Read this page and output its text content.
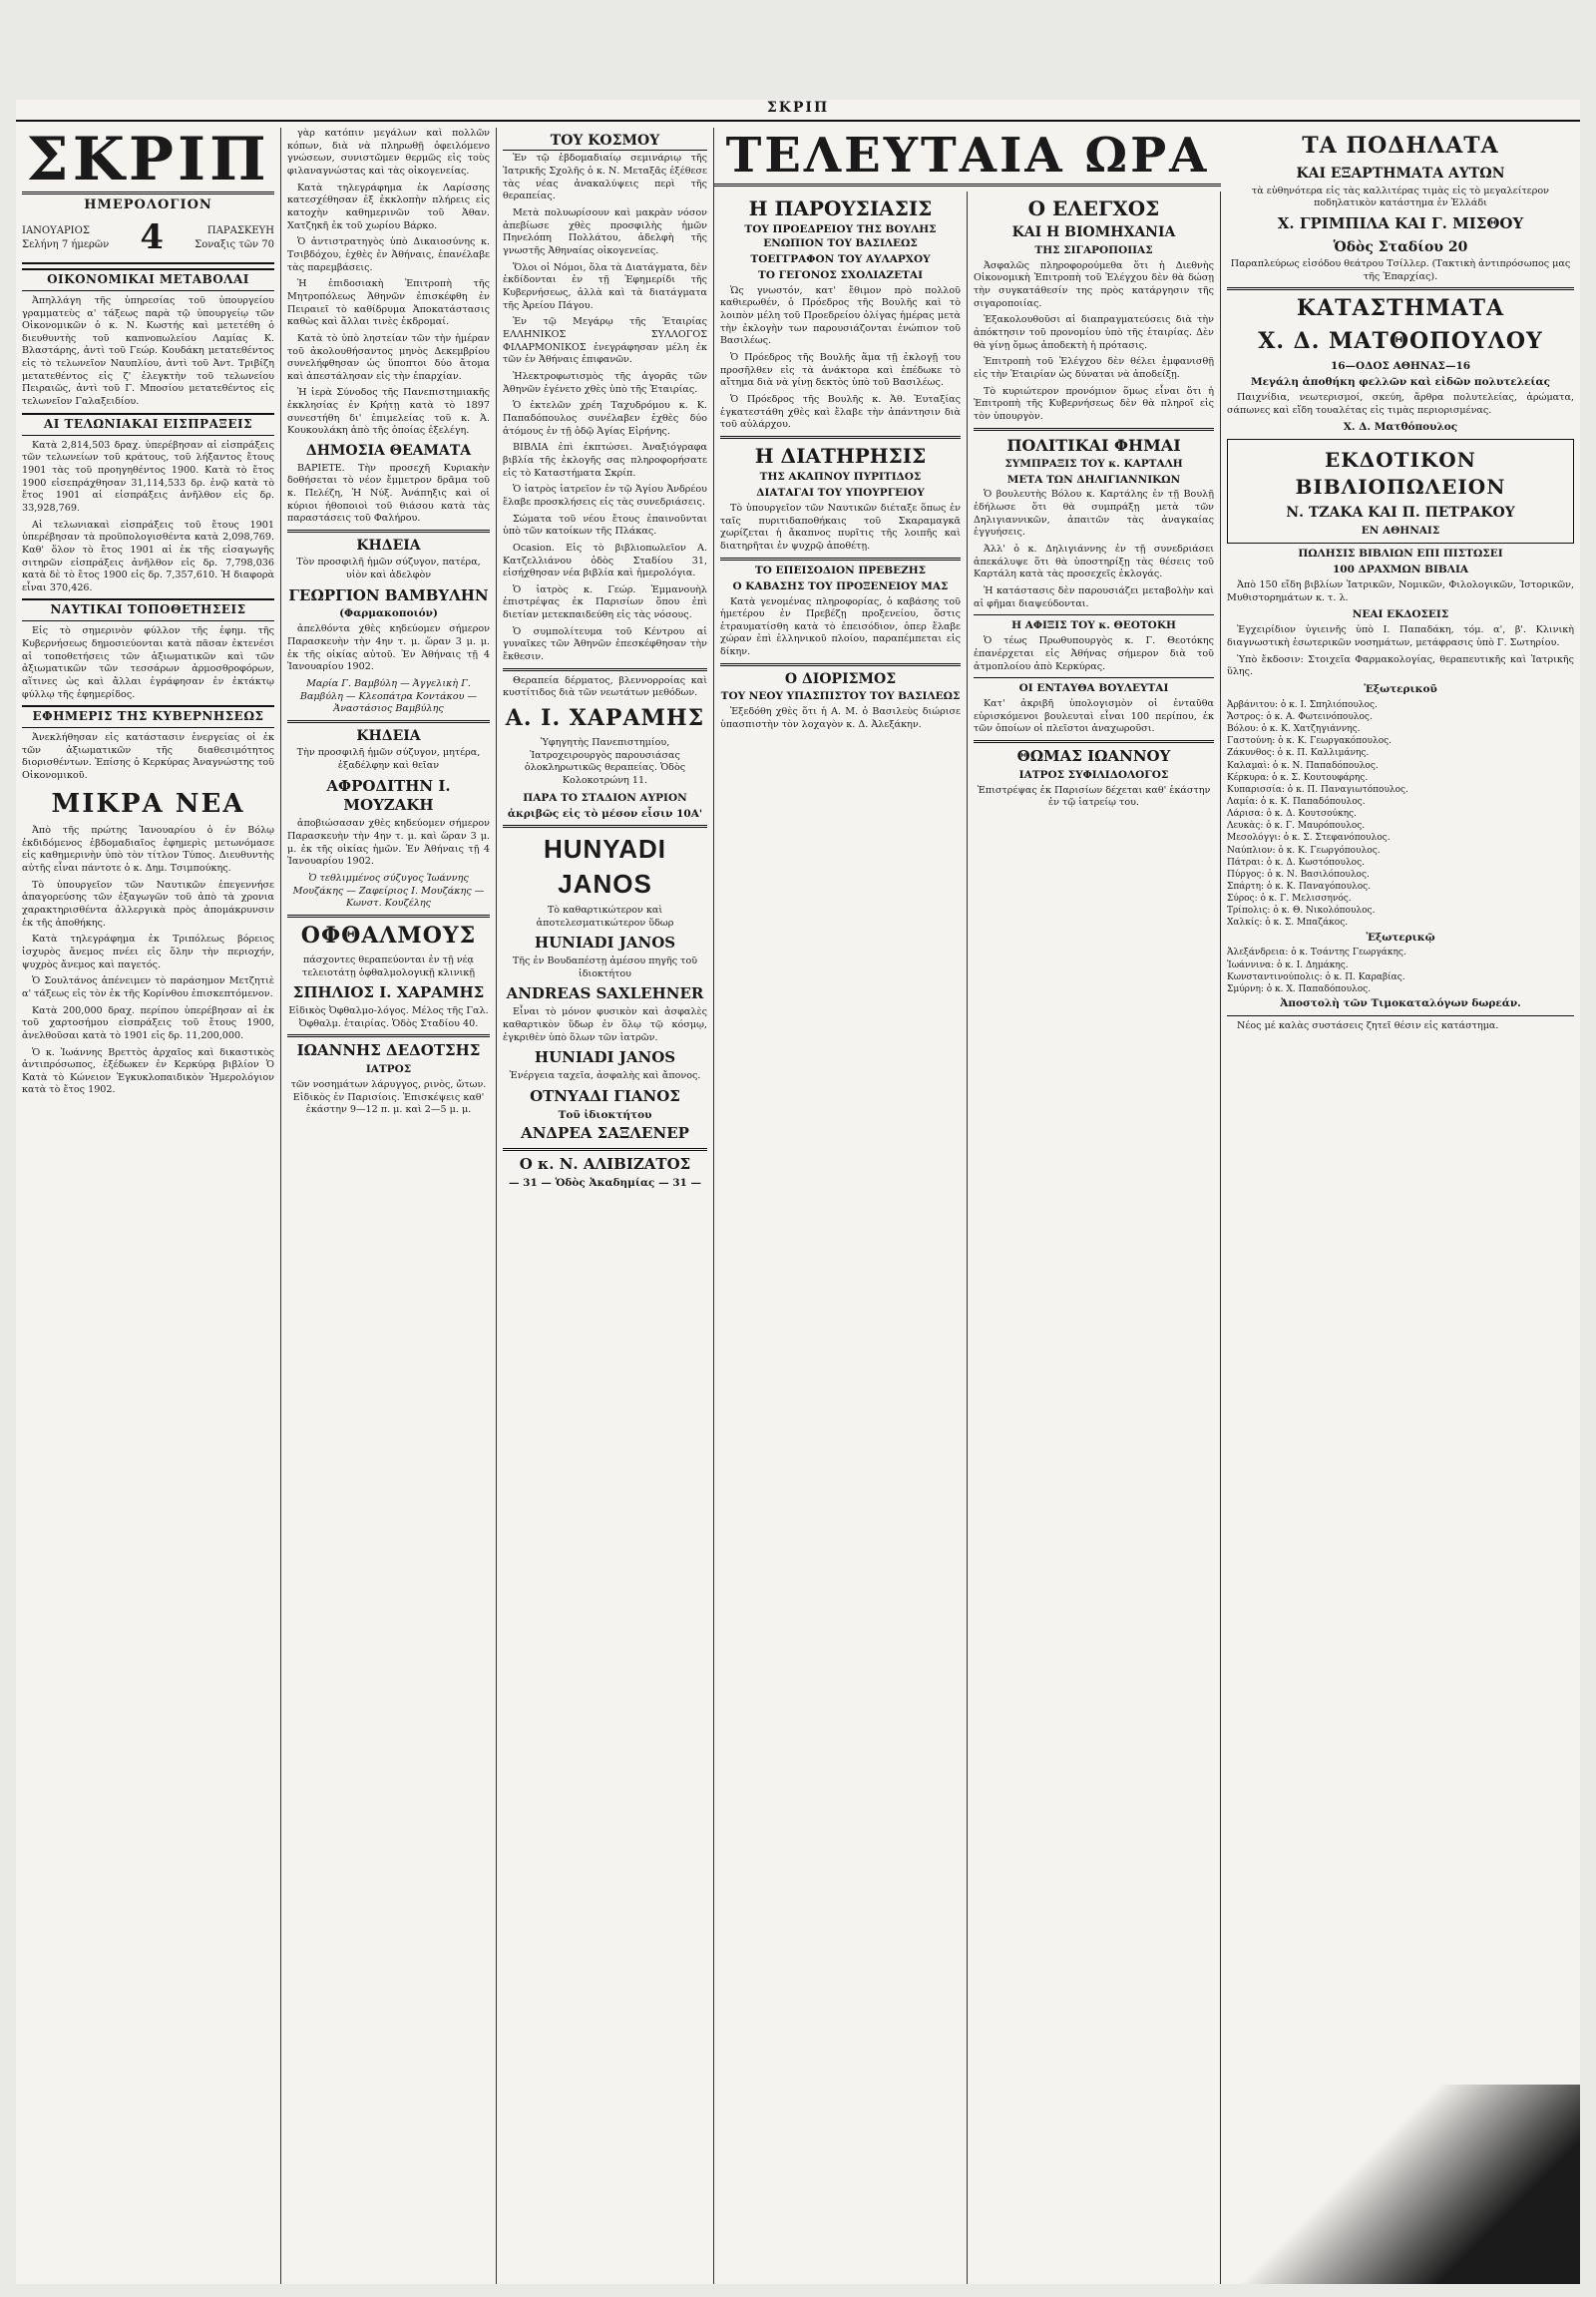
ΣΚΡΙΠ
ΣΚΡΙΠ
ΗΜΕΡΟΛΟΓΙΟΝ
ΙΑΝΟΥΑΡΙΟΣ
Σελήνη 7 ήμερῶν 4	ΠΑΡΑΣΚΕΥΗ
Σοναξις τῶν 70
ΟΙΚΟΝΟΜΙΚΑΙ ΜΕΤΑΒΟΛΑΙ

Ἀπηλλάγη τῆς ὑπηρεσίας τοῦ ὑπουργείου γραμματεὺς α' τάξεως παρὰ τῷ ὑπουργείῳ τῶν Οἰκονομικῶν ὁ κ. Ν. Κωστής καὶ μετετέθη ὁ διευθυντὴς τοῦ καπνοπωλείου Λαμίας Κ. Βλαστάρης, ἀντὶ τοῦ Γεώρ. Κουδάκη μετατεθέντος εἰς τὸ τελωνεῖον Ναυπλίου, ἀντὶ τοῦ Ἀντ. Τριβίζη μετατεθέντος εἰς ζ' ἐλεγκτὴν τοῦ τελωνείου Πειραιῶς, ἀντὶ τοῦ Γ. Μποσίου μετατεθέντος εἰς τελωνεῖον Γαλαξειδίου.

ΑΙ ΤΕΛΩΝΙΑΚΑΙ ΕΙΣΠΡΑΞΕΙΣ

Κατὰ 2,814,503 δραχ. ὑπερέβησαν αἱ εἰσπράξεις τῶν τελωνείων τοῦ κράτους, τοῦ λήξαντος ἔτους 1901 τὰς τοῦ προηγηθέντος 1900. Κατὰ τὸ ἔτος 1900 εἰσεπράχθησαν 31,114,533 δρ. ἐνῷ κατὰ τὸ ἔτος 1901 αἱ εἰσπράξεις ἀνῆλθον εἰς δρ. 33,928,769.

Αἱ τελωνιακαὶ εἰσπράξεις τοῦ ἔτους 1901 ὑπερέβησαν τὰ προϋπολογισθέντα κατὰ 2,098,769. Καθ' ὅλον τὸ ἔτος 1901 αἱ ἐκ τῆς εἰσαγωγῆς σιτηρῶν εἰσπράξεις ἀνῆλθον εἰς δρ. 7,798,036 κατὰ δὲ τὸ ἔτος 1900 εἰς δρ. 7,357,610. Ἡ διαφορὰ εἶναι 370,426.

ΝΑΥΤΙΚΑΙ ΤΟΠΟΘΕΤΗΣΕΙΣ

Εἰς τὸ σημερινὸν φύλλον τῆς ἐφημ. τῆς Κυβερνήσεως δημοσιεύονται κατὰ πᾶσαν ἐκτενέσι αἱ τοποθετήσεις τῶν ἀξιωματικῶν καὶ τῶν ἀξιωματικῶν τῶν τεσσάρων ἀρμοσθροφόρων, αἵτινες ὡς καὶ ἄλλαι ἐγράφησαν ἐν ἐκτάκτῳ φύλλῳ τῆς ἐφημερίδος.

ΕΦΗΜΕΡΙΣ ΤΗΣ ΚΥΒΕΡΝΗΣΕΩΣ

Ἀνεκλήθησαν εἰς κατάστασιν ἐνεργείας οἱ ἐκ τῶν ἀξιωματικῶν τῆς διαθεσιμότητος διορισθέντων. Ἐπίσης ὁ Κερκύρας Ἀναγνώστης τοῦ Οἰκονομικοῦ.

ΜΙΚΡΑ ΝΕΑ

Ἀπὸ τῆς πρώτης Ἰανουαρίου ὁ ἐν Βόλῳ ἐκδιδόμενος ἐβδομαδιαῖος ἐφημερὶς μετωνόμασε εἰς καθημερινὴν ὑπὸ τὸν τίτλον Τύπος. Διευθυντὴς αὐτῆς εἶναι πάντοτε ὁ κ. Δημ. Τσιμπούκης.

Τὸ ὑπουργεῖον τῶν Ναυτικῶν ἐπεγεννήσε ἀπαγορεύσης τῶν ἐξαγωγῶν τοῦ ἀπὸ τὰ χρονια χαρακτηρισθέντα ἀλλεργικὰ πρὸς ἀπομάκρυνσιν ἐκ τῆς ἀποθήκης.

Κατὰ τηλεγράφημα ἐκ Τριπόλεως βόρειος ἰσχυρὸς ἄνεμος πνέει εἰς ὅλην τὴν περιοχήν, ψυχρὸς ἄνεμος καὶ παγετός.

Ὁ Σουλτάνος ἀπένειμεν τὸ παράσημον Μετζητιὲ α' τάξεως εἰς τὸν ἐκ τῆς Κορίνθου ἐπισκεπτόμενον.

Κατὰ 200,000 δραχ. περίπου ὑπερέβησαν αἱ ἐκ τοῦ χαρτοσήμου εἰσπράξεις τοῦ ἔτους 1900, ἀνελθοῦσαι κατὰ τὸ 1901 εἰς δρ. 11,200,000.

Ὁ κ. Ἰωάννης Βρεττὸς ἀρχαῖος καὶ δικαστικὸς ἀντιπρόσωπος, ἐξέδωκεν ἐν Κερκύρᾳ βιβλίον Ὁ Κατὰ τὸ Κώνειον Ἐγκυκλοπαιδικὸν Ἡμερολόγιον κατὰ τὸ ἔτος 1902.

γὰρ κατόπιν μεγάλων καὶ πολλῶν κόπων, διὰ νὰ πληρωθῇ ὀφειλόμενο γνώσεων, συνιστῶμεν θερμῶς εἰς τοὺς φιλαναγνώστας καὶ τὰς οἰκογενείας.

Κατὰ τηλεγράφημα ἐκ Λαρίσσης κατεσχέθησαν ἐξ ἐκκλοπὴν πλήρεις εἰς κατοχὴν καθημερινῶν τοῦ Ἀθαν. Χατζηκῆ ἐκ τοῦ χωρίου Βάρκο.

Ὁ ἀντιστρατηγὸς ὑπὸ Δικαιοσύνης κ. Τσιβδόχου, ἐχθὲς ἐν Ἀθήναις, ἐπανέλαβε τὰς παρεμβάσεις.

Ἡ ἐπιδοσιακὴ Ἐπιτροπὴ τῆς Μητροπόλεως Ἀθηνῶν ἐπισκέφθη ἐν Πειραιεῖ τὸ καθίδρυμα Ἀποκατάστασις καθὼς καὶ ἄλλαι τινὲς ἐκδρομαί.

Κατὰ τὸ ὑπὸ ληστείαν τῶν τὴν ἡμέραν τοῦ ἀκολουθήσαντος μηνὸς Δεκεμβρίου συνελήφθησαν ὡς ὕποπτοι δύο ἄτομα καὶ ἀπεστάλησαν εἰς τὴν ἐπαρχίαν.

Ἡ ἱερὰ Σύνοδος τῆς Πανεπιστημιακῆς ἐκκλησίας ἐν Κρήτῃ κατὰ τὸ 1897 συνεστήθη δι' ἐπιμελείας τοῦ κ. Ἀ. Κουκουλάκη ἀπὸ τῆς ὁποίας ἐξελέγη.

ΔΗΜΟΣΙΑ ΘΕΑΜΑΤΑ

ΒΑΡΙΕΤΕ. Τὴν προσεχῆ Κυριακὴν δοθήσεται τὸ νέον ἔμμετρον δρᾶμα τοῦ κ. Πελέζη, Ἡ Νύξ. Ἀνάπηξις καὶ οἱ κύριοι ἠθοποιοὶ τοῦ θιάσου κατὰ τὰς παραστάσεις τοῦ Φαλήρου.

ΚΗΔΕΙΑ

Τὸν προσφιλῆ ἡμῶν σύζυγον, πατέρα, υἱὸν καὶ ἀδελφὸν

ΓΕΩΡΓΙΟΝ ΒΑΜΒΥΛΗΝ
(Φαρμακοποιόν)

ἀπελθόντα χθὲς κηδεύομεν σήμερον Παρασκευὴν τὴν 4ην τ. μ. ὥραν 3 μ. μ. ἐκ τῆς οἰκίας αὐτοῦ. Ἐν Ἀθήναις τῇ 4 Ἰανουαρίου 1902.

Μαρία Γ. Βαμβύλη — Ἀγγελικὴ Γ. Βαμβύλη — Κλεοπάτρα Κοντάκου — Ἀναστάσιος Βαμβύλης

ΚΗΔΕΙΑ

Τὴν προσφιλῆ ἡμῶν σύζυγον, μητέρα, ἐξαδέλφην καὶ θεῖαν

ΑΦΡΟΔΙΤΗΝ Ι. ΜΟΥΖΑΚΗ

ἀποβιώσασαν χθὲς κηδεύομεν σήμερον Παρασκευὴν τὴν 4ην τ. μ. καὶ ὥραν 3 μ. μ. ἐκ τῆς οἰκίας ἡμῶν. Ἐν Ἀθήναις τῇ 4 Ἰανουαρίου 1902.

Ὁ τεθλιμμένος σύζυγος Ἰωάννης Μουζάκης — Ζαφείριος Ι. Μουζάκης — Κωνστ. Κουζέλης

ΟΦΘΑΛΜΟΥΣ

πάσχοντες θεραπεύονται ἐν τῇ νέᾳ τελειοτάτῃ ὀφθαλμολογικῇ κλινικῇ

ΣΠΗΛΙΟΣ Ι. ΧΑΡΑΜΗΣ

Εἰδικὸς Ὀφθαλμο-λόγος. Μέλος τῆς Γαλ. Ὀφθαλμ. ἑταιρίας. Ὁδὸς Σταδίου 40.

ΙΩΑΝΝΗΣ ΔΕΔΟΤΣΗΣ
ΙΑΤΡΟΣ

τῶν νοσημάτων λάρυγγος, ρινὸς, ὤτων. Εἰδικὸς ἐν Παρισίοις. Ἐπισκέψεις καθ' ἑκάστην 9—12 π. μ. καὶ 2—5 μ. μ.

ΤΟΥ ΚΟΣΜΟΥ

Ἐν τῷ ἑβδομαδιαίῳ σεμινάριῳ τῆς Ἰατρικῆς Σχολῆς ὁ κ. Ν. Μεταξᾶς ἐξέθεσε τὰς νέας ἀνακαλύψεις περὶ τῆς θεραπείας.

Μετὰ πολυωρίσουν καὶ μακρὰν νόσον ἀπεβίωσε χθὲς προσφιλὴς ἡμῶν Πηνελόπη Πολλάτου, ἀδελφὴ τῆς γνωστῆς Ἀθηναίας οἰκογενείας.

Ὅλοι οἱ Νόμοι, ὅλα τὰ Διατάγματα, δὲν ἐκδίδονται ἐν τῇ Ἐφημερίδι τῆς Κυβερνήσεως, ἀλλὰ καὶ τὰ διατάγματα τῆς Ἀρείου Πάγου.

Ἐν τῷ Μεγάρῳ τῆς Ἑταιρίας ΕΛΛΗΝΙΚΟΣ ΣΥΛΛΟΓΟΣ ΦΙΛΑΡΜΟΝΙΚΟΣ ἐνεγράφησαν μέλη ἐκ τῶν ἐν Ἀθήναις ἐπιφανῶν.

Ἠλεκτροφωτισμὸς τῆς ἀγορᾶς τῶν Ἀθηνῶν ἐγένετο χθὲς ὑπὸ τῆς Ἑταιρίας.

Ὁ ἐκτελῶν χρέη Ταχυδρόμου κ. Κ. Παπαδόπουλος συνέλαβεν ἐχθὲς δύο ἀτόμους ἐν τῇ ὁδῷ Ἁγίας Εἰρήνης.

ΒΙΒΛΙΑ ἐπὶ ἐκπτώσει. Ἀναξιόγραφα βιβλία τῆς ἐκλογῆς σας πληροφορήσατε εἰς τὸ Καταστήματα Σκρίπ.

Ὁ ἰατρὸς ἰατρεῖον ἐν τῷ Ἁγίου Ἀνδρέου ἔλαβε προσκλήσεις εἰς τὰς συνεδριάσεις.

Σώματα τοῦ νέου ἔτους ἐπαινοῦνται ὑπὸ τῶν κατοίκων τῆς Πλάκας.

Ocasion. Εἰς τὸ βιβλιοπωλεῖον Α. Κατζελλιάνου ὁδὸς Σταδίου 31, εἰσήχθησαν νέα βιβλία καὶ ἡμερολόγια.

Ὁ ἰατρὸς κ. Γεώρ. Ἐμμανουὴλ ἐπιστρέψας ἐκ Παρισίων ὅπου ἐπὶ διετίαν μετεκπαιδεύθη εἰς τὰς νόσους.

Ὁ συμπολίτευμα τοῦ Κέντρου αἱ γυναῖκες τῶν Ἀθηνῶν ἐπεσκέφθησαν τὴν ἔκθεσιν.

Θεραπεία δέρματος, βλεννορροίας καὶ κυστίτιδος διὰ τῶν νεωτάτων μεθόδων.

Α. Ι. ΧΑΡΑΜΗΣ

Ὑφηγητὴς Πανεπιστημίου, Ἰατροχειρουργὸς παρουσιάσας ὁλοκληρωτικῶς θεραπείας. Ὁδὸς Κολοκοτρώνη 11.

ΠΑΡΑ ΤΟ ΣΤΑΔΙΟΝ ΑΥΡΙΟΝ
ἀκριβῶς εἰς τὸ μέσον εἶσιν 10Α'
HUNYADI JANOS

Τὸ καθαρτικώτερον καὶ ἀποτελεσματικώτερον ὕδωρ

HUNIADI JANOS

Τῆς ἐν Βουδαπέστῃ ἀμέσου πηγῆς τοῦ ἰδιοκτήτου

ANDREAS SAXLEHNER

Εἶναι τὸ μόνον φυσικὸν καὶ ἀσφαλὲς καθαρτικὸν ὕδωρ ἐν ὅλῳ τῷ κόσμῳ, ἐγκριθὲν ὑπὸ ὅλων τῶν ἰατρῶν.

HUNIADI JANOS

Ἐνέργεια ταχεῖα, ἀσφαλὴς καὶ ἄπονος.

ΟΤΝΥΑΔΙ ΓΙΑΝΟΣ
Τοῦ ἰδιοκτήτου
ΑΝΔΡΕΑ ΣΑΞΛΕΝΕΡ
Ο κ. Ν. ΑΛΙΒΙΖΑΤΟΣ
— 31 — Ὁδὸς Ἀκαδημίας — 31 —
ΤΕΛΕΥΤΑΙΑ ΩΡΑ
Η ΠΑΡΟΥΣΙΑΣΙΣ
ΤΟΥ ΠΡΟΕΔΡΕΙΟΥ ΤΗΣ ΒΟΥΛΗΣ ΕΝΩΠΙΟΝ ΤΟΥ ΒΑΣΙΛΕΩΣ
ΤΟΕΓΓΡΑΦΟΝ ΤΟΥ ΑΥΛΑΡΧΟΥ
ΤΟ ΓΕΓΟΝΟΣ ΣΧΟΛΙΑΖΕΤΑΙ

Ὡς γνωστόν, κατ' ἔθιμον πρὸ πολλοῦ καθιερωθέν, ὁ Πρόεδρος τῆς Βουλῆς καὶ τὸ λοιπὸν μέλη τοῦ Προεδρείου ὀλίγας ἡμέρας μετὰ τὴν ἐκλογὴν των παρουσιάζονται ἐνώπιον τοῦ Βασιλέως.

Ὁ Πρόεδρος τῆς Βουλῆς ἅμα τῇ ἐκλογῇ του προσῆλθεν εἰς τὰ ἀνάκτορα καὶ ἐπέδωκε τὸ αἴτημα διὰ νὰ γίνῃ δεκτὸς ὑπὸ τοῦ Βασιλέως.

Ὁ Πρόεδρος τῆς Βουλῆς κ. Ἀθ. Ἐυταξίας ἐγκατεστάθη χθὲς καὶ ἔλαβε τὴν ἀπάντησιν διὰ τοῦ αὐλάρχου.

Η ΔΙΑΤΗΡΗΣΙΣ
ΤΗΣ ΑΚΑΠΝΟΥ ΠΥΡΙΤΙΔΟΣ
ΔΙΑΤΑΓΑΙ ΤΟΥ ΥΠΟΥΡΓΕΙΟΥ

Τὸ ὑπουργεῖον τῶν Ναυτικῶν διέταξε ὅπως ἐν ταῖς πυριτιδαποθήκαις τοῦ Σκαραμαγκᾶ χωρίζεται ἡ ἄκαπνος πυρῖτις τῆς λοιπῆς καὶ διατηρῆται ἐν ψυχρῷ ἀποθέτῃ.

ΤΟ ΕΠΕΙΣΟΔΙΟΝ ΠΡΕΒΕΖΗΣ
Ο ΚΑΒΑΣΗΣ ΤΟΥ ΠΡΟΞΕΝΕΙΟΥ ΜΑΣ

Κατὰ γενομένας πληροφορίας, ὁ καβάσης τοῦ ἡμετέρου ἐν Πρεβέζῃ προξενείου, ὅστις ἐτραυματίσθη κατὰ τὸ ἐπεισόδιον, ὁπερ ἔλαβε χώραν ἐπὶ ἑλληνικοῦ πλοίου, παραπέμπεται εἰς δίκην.

Ο ΔΙΟΡΙΣΜΟΣ
ΤΟΥ ΝΕΟΥ ΥΠΑΣΠΙΣΤΟΥ ΤΟΥ ΒΑΣΙΛΕΩΣ

Ἐξεδόθη χθὲς ὅτι ἡ Α. Μ. ὁ Βασιλεὺς διώρισε ὑπασπιστὴν τὸν λοχαγὸν κ. Δ. Ἀλεξάκην.

Ο ΕΛΕΓΧΟΣ
ΚΑΙ Η ΒΙΟΜΗΧΑΝΙΑ
ΤΗΣ ΣΙΓΑΡΟΠΟΙΙΑΣ

Ἀσφαλῶς πληροφορούμεθα ὅτι ἡ Διεθνὴς Οἰκονομικὴ Ἐπιτροπὴ τοῦ Ἐλέγχου δὲν θὰ δώσῃ τὴν συγκατάθεσίν της πρὸς κατάργησιν τῆς σιγαροποιίας.

Ἐξακολουθοῦσι αἱ διαπραγματεύσεις διὰ τὴν ἀπόκτησιν τοῦ προνομίου ὑπὸ τῆς ἑταιρίας. Δὲν θὰ γίνῃ ὅμως ἀποδεκτὴ ἡ πρότασις.

Ἐπιτροπὴ τοῦ Ἐλέγχου δὲν θέλει ἐμφανισθῇ εἰς τὴν Ἐταιρίαν ὡς δύναται νὰ ἀποδείξῃ.

Τὸ κυριώτερον προνόμιον ὅμως εἶναι ὅτι ἡ Ἐπιτροπὴ τῆς Κυβερνήσεως δὲν θὰ πληροῖ εἰς τὸν ὑπουργὸν.

ΠΟΛΙΤΙΚΑΙ ΦΗΜΑΙ
ΣΥΜΠΡΑΞΙΣ ΤΟΥ κ. ΚΑΡΤΑΛΗ
ΜΕΤΑ ΤΩΝ ΔΗΛΙΓΙΑΝΝΙΚΩΝ

Ὁ βουλευτὴς Βόλου κ. Καρτάλης ἐν τῇ Βουλῇ ἐδήλωσε ὅτι θὰ συμπράξῃ μετὰ τῶν Δηλιγιαννικῶν, ἀπαιτῶν τὰς ἀναγκαίας ἐγγυήσεις.

Ἀλλ' ὁ κ. Δηλιγιάννης ἐν τῇ συνεδριάσει ἀπεκάλυψε ὅτι θὰ ὑποστηρίξῃ τὰς θέσεις τοῦ Καρτάλη κατὰ τὰς προσεχεῖς ἐκλογάς.

Ἡ κατάστασις δὲν παρουσιάζει μεταβολὴν καὶ αἱ φῆμαι διαψεύδονται.

Η ΑΦΙΞΙΣ ΤΟΥ κ. ΘΕΟΤΟΚΗ

Ὁ τέως Πρωθυπουργὸς κ. Γ. Θεοτόκης ἐπανέρχεται εἰς Ἀθήνας σήμερον διὰ τοῦ ἀτμοπλοίου ἀπὸ Κερκύρας.

ΟΙ ΕΝΤΑΥΘΑ ΒΟΥΛΕΥΤΑΙ

Κατ' ἀκριβῆ ὑπολογισμὸν οἱ ἐνταῦθα εὑρισκόμενοι βουλευταὶ εἶναι 100 περίπου, ἐκ τῶν ὁποίων οἱ πλεῖστοι ἀναχωροῦσι.

ΘΩΜΑΣ ΙΩΑΝΝΟΥ
ΙΑΤΡΟΣ ΣΥΦΙΛΙΔΟΛΟΓΟΣ

Ἐπιστρέψας ἐκ Παρισίων δέχεται καθ' ἑκάστην ἐν τῷ ἰατρείῳ του.

ΤΑ ΠΟΔΗΛΑΤΑ
ΚΑΙ ΕΞΑΡΤΗΜΑΤΑ ΑΥΤΩΝ

τὰ εὐθηνότερα εἰς τὰς καλλιτέρας τιμὰς εἰς τὸ μεγαλείτερον ποδηλατικὸν κατάστημα ἐν Ἑλλάδι

Χ. ΓΡΙΜΠΙΛΑ ΚΑΙ Γ. ΜΙΣΘΟΥ
Ὁδὸς Σταδίου 20

Παραπλεύρως εἰσόδου θεάτρου Τσίλλερ. (Τακτικὴ ἀντιπρόσωπος μας τῆς Ἐπαρχίας).

ΚΑΤΑΣΤΗΜΑΤΑ
Χ. Δ. ΜΑΤΘΟΠΟΥΛΟΥ
16—ΟΔΟΣ ΑΘΗΝΑΣ—16
Μεγάλη ἀποθήκη φελλῶν καὶ εἰδῶν πολυτελείας

Παιχνίδια, νεωτερισμοί, σκεύη, ἄρθρα πολυτελείας, ἀρώματα, σάπωνες καὶ εἴδη τουαλέτας εἰς τιμὰς περιορισμένας.

Χ. Δ. Ματθόπουλος
ΕΚΔΟΤΙΚΟΝ ΒΙΒΛΙΟΠΩΛΕΙΟΝ
Ν. ΤΖΑΚΑ ΚΑΙ Π. ΠΕΤΡΑΚΟΥ
ΕΝ ΑΘΗΝΑΙΣ
ΠΩΛΗΣΙΣ ΒΙΒΛΙΩΝ ΕΠΙ ΠΙΣΤΩΣΕΙ
100 ΔΡΑΧΜΩΝ ΒΙΒΛΙΑ

Ἀπὸ 150 εἴδη βιβλίων Ἰατρικῶν, Νομικῶν, Φιλολογικῶν, Ἱστορικῶν, Μυθιστορημάτων κ. τ. λ.

ΝΕΑΙ ΕΚΔΟΣΕΙΣ

Ἐγχειρίδιον ὑγιεινῆς ὑπὸ Ι. Παπαδάκη, τόμ. α', β'. Κλινικὴ διαγνωστικὴ ἐσωτερικῶν νοσημάτων, μετάφρασις ὑπὸ Γ. Σωτηρίου.

Ὑπὸ ἔκδοσιν: Στοιχεῖα Φαρμακολογίας, θεραπευτικῆς καὶ Ἰατρικῆς ὕλης.

Ἐξωτερικοῦ
Ἀρβάνιτου: ὁ κ. Ι. Σπηλιόπουλος.
Ἄστρος: ὁ κ. Α. Φωτεινόπουλος.
Βόλου: ὁ κ. Κ. Χατζηγιάννης.
Γαστούνη: ὁ κ. Κ. Γεωργακόπουλος.
Ζάκυνθος: ὁ κ. Π. Καλλιμάνης.
Καλαμαὶ: ὁ κ. Ν. Παπαδόπουλος.
Κέρκυρα: ὁ κ. Σ. Κουτουφάρης.
Κυπαρισσία: ὁ κ. Π. Παναγιωτόπουλος.
Λαμία: ὁ κ. Κ. Παπαδόπουλος.
Λάρισα: ὁ κ. Δ. Κουτσούκης.
Λευκὰς: ὁ κ. Γ. Μαυρόπουλος.
Μεσολόγγι: ὁ κ. Σ. Στεφανόπουλος.
Ναύπλιον: ὁ κ. Κ. Γεωργόπουλος.
Πάτραι: ὁ κ. Δ. Κωστόπουλος.
Πύργος: ὁ κ. Ν. Βασιλόπουλος.
Σπάρτη: ὁ κ. Κ. Παναγόπουλος.
Σύρος: ὁ κ. Γ. Μελισσηνός.
Τρίπολις: ὁ κ. Θ. Νικολόπουλος.
Χαλκίς: ὁ κ. Σ. Μπαζάκος.
Ἐξωτερικῷ
Ἀλεξάνδρεια: ὁ κ. Τσάντης Γεωργάκης.
Ἰωάννινα: ὁ κ. Ι. Δημάκης.
Κωνσταντινούπολις: ὁ κ. Π. Καραβίας.
Σμύρνη: ὁ κ. Χ. Παπαδόπουλος.
Ἀποστολὴ τῶν Τιμοκαταλόγων δωρεάν.

Νέος μέ καλὰς συστάσεις ζητεῖ θέσιν εἰς κατάστημα.
